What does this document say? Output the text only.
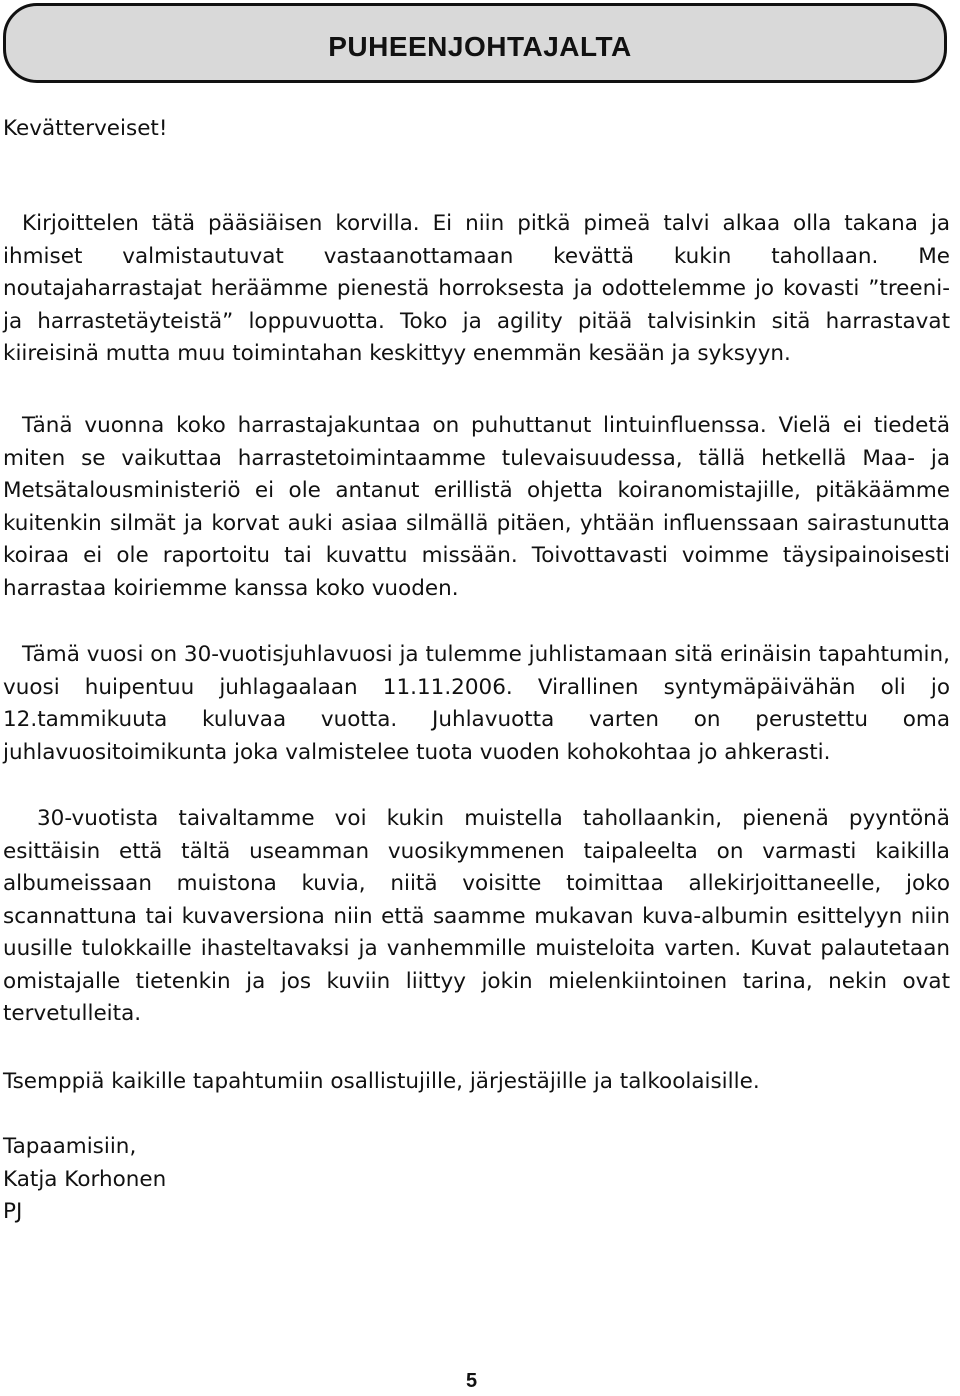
PUHEENJOHTAJALTA

Kevätterveiset!

Kirjoittelen tätä pääsiäisen korvilla. Ei niin pitkä pimeä talvi alkaa olla takana ja ihmiset valmistautuvat vastaanottamaan kevättä kukin tahollaan. Me noutajaharrastajat heräämme pienestä horroksesta ja odottelemme jo kovasti ”treeni- ja harrastetäyteistä” loppuvuotta. Toko ja agility pitää talvisinkin sitä harrastavat kiireisinä mutta muu toimintahan keskittyy enemmän kesään ja syksyyn.

Tänä vuonna koko harrastajakuntaa on puhuttanut lintuinfluenssa. Vielä ei tiedetä miten se vaikuttaa harrastetoimintaamme tulevaisuudessa, tällä hetkellä Maa- ja Metsätalousministeriö ei ole antanut erillistä ohjetta koiranomistajille, pitäkäämme kuitenkin silmät ja korvat auki asiaa silmällä pitäen, yhtään influenssaan sairastunutta koiraa ei ole raportoitu tai kuvattu missään. Toivottavasti voimme täysipainoisesti harrastaa koiriemme kanssa koko vuoden.

Tämä vuosi on 30-vuotisjuhlavuosi ja tulemme juhlistamaan sitä erinäisin tapahtumin, vuosi huipentuu juhlagaalaan 11.11.2006. Virallinen syntymäpäivähän oli jo 12.tammikuuta kuluvaa vuotta. Juhlavuotta varten on perustettu oma juhlavuositoimikunta joka valmistelee tuota vuoden kohokohtaa jo ahkerasti.

30-vuotista taivaltamme voi kukin muistella tahollaankin, pienenä pyyntönä esittäisin että tältä useamman vuosikymmenen taipaleelta on varmasti kaikilla albumeissaan muistona kuvia, niitä voisitte toimittaa allekirjoittaneelle, joko scannattuna tai kuvaversiona niin että saamme mukavan kuva-albumin esittelyyn niin uusille tulokkaille ihasteltavaksi ja vanhemmille muisteloita varten. Kuvat palautetaan omistajalle tietenkin ja jos kuviin liittyy jokin mielenkiintoinen tarina, nekin ovat tervetulleita.

Tsemppiä kaikille tapahtumiin osallistujille, järjestäjille ja talkoolaisille.

Tapaamisiin,
Katja Korhonen
PJ
5
